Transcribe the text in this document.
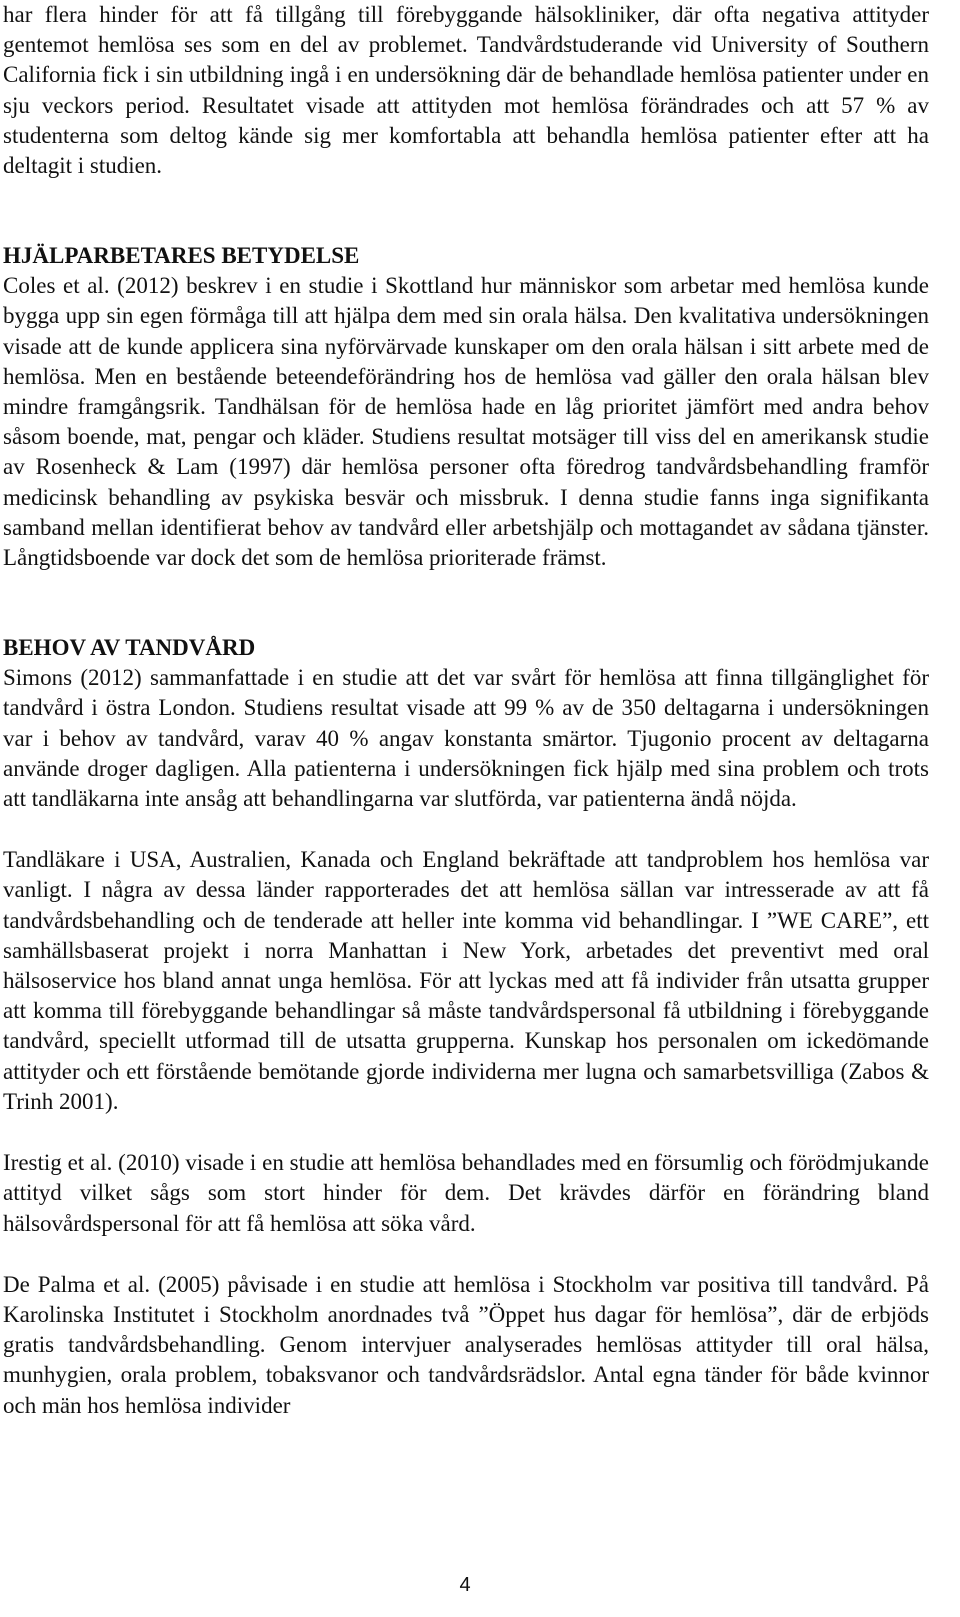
har flera hinder för att få tillgång till förebyggande hälsokliniker, där ofta negativa attityder gentemot hemlösa ses som en del av problemet. Tandvårdstuderande vid University of Southern California fick i sin utbildning ingå i en undersökning där de behandlade hemlösa patienter under en sju veckors period. Resultatet visade att attityden mot hemlösa förändrades och att 57 % av studenterna som deltog kände sig mer komfortabla att behandla hemlösa patienter efter att ha deltagit i studien.

HJÄLPARBETARES BETYDELSE

Coles et al. (2012) beskrev i en studie i Skottland hur människor som arbetar med hemlösa kunde bygga upp sin egen förmåga till att hjälpa dem med sin orala hälsa. Den kvalitativa undersökningen visade att de kunde applicera sina nyförvärvade kunskaper om den orala hälsan i sitt arbete med de hemlösa. Men en bestående beteendeförändring hos de hemlösa vad gäller den orala hälsan blev mindre framgångsrik. Tandhälsan för de hemlösa hade en låg prioritet jämfört med andra behov såsom boende, mat, pengar och kläder. Studiens resultat motsäger till viss del en amerikansk studie av Rosenheck & Lam (1997) där hemlösa personer ofta föredrog tandvårdsbehandling framför medicinsk behandling av psykiska besvär och missbruk. I denna studie fanns inga signifikanta samband mellan identifierat behov av tandvård eller arbetshjälp och mottagandet av sådana tjänster. Långtidsboende var dock det som de hemlösa prioriterade främst.

BEHOV AV TANDVÅRD

Simons (2012) sammanfattade i en studie att det var svårt för hemlösa att finna tillgänglighet för tandvård i östra London. Studiens resultat visade att 99 % av de 350 deltagarna i undersökningen var i behov av tandvård, varav 40 % angav konstanta smärtor. Tjugonio procent av deltagarna använde droger dagligen. Alla patienterna i undersökningen fick hjälp med sina problem och trots att tandläkarna inte ansåg att behandlingarna var slutförda, var patienterna ändå nöjda.

Tandläkare i USA, Australien, Kanada och England bekräftade att tandproblem hos hemlösa var vanligt. I några av dessa länder rapporterades det att hemlösa sällan var intresserade av att få tandvårdsbehandling och de tenderade att heller inte komma vid behandlingar. I ”WE CARE”, ett samhällsbaserat projekt i norra Manhattan i New York, arbetades det preventivt med oral hälsoservice hos bland annat unga hemlösa. För att lyckas med att få individer från utsatta grupper att komma till förebyggande behandlingar så måste tandvårdspersonal få utbildning i förebyggande tandvård, speciellt utformad till de utsatta grupperna. Kunskap hos personalen om ickedömande attityder och ett förstående bemötande gjorde individerna mer lugna och samarbetsvilliga (Zabos & Trinh 2001).

Irestig et al. (2010) visade i en studie att hemlösa behandlades med en försumlig och förödmjukande attityd vilket sågs som stort hinder för dem. Det krävdes därför en förändring bland hälsovårdspersonal för att få hemlösa att söka vård.

De Palma et al. (2005) påvisade i en studie att hemlösa i Stockholm var positiva till tandvård. På Karolinska Institutet i Stockholm anordnades två ”Öppet hus dagar för hemlösa”, där de erbjöds gratis tandvårdsbehandling. Genom intervjuer analyserades hemlösas attityder till oral hälsa, munhygien, orala problem, tobaksvanor och tandvårdsrädslor. Antal egna tänder för både kvinnor och män hos hemlösa individer

4
